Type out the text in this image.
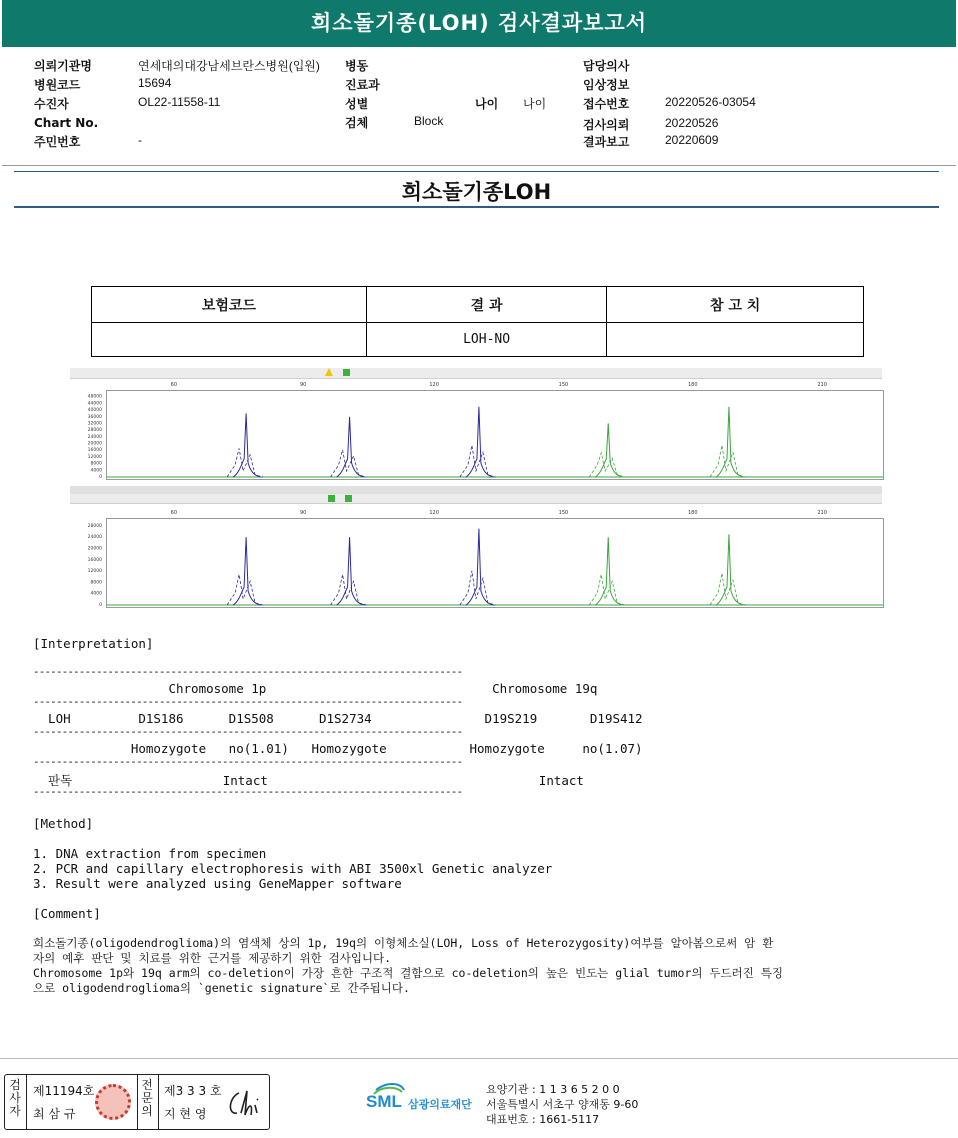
희소돌기종(LOH) 검사결과보고서
의뢰기관명	연세대의대강남세브란스병원(입원)
병원코드	15694
수진자	OL22-11558-11
Chart No.
주민번호	-
병동
진료과
성별	나이 나이
검체	Block
담당의사
임상정보
접수번호	20220526-03054
검사의뢰	20220526
결과보고	20220609
희소돌기종LOH
보험코드	결 과	참 고 치
	LOH-NO	
60	90	120	150	180	210
0
4000
8000
12000
16000
20000
24000
28000
32000
36000
40000
44000
48000
60	90	120	150	180	210
0
4000
8000
12000
16000
20000
24000
28000
[Interpretation]
---------------------------------------------------------------------------
Chromosome 1p                              Chromosome 19q
---------------------------------------------------------------------------
LOH         D1S186      D1S508      D1S2734               D19S219       D19S412
---------------------------------------------------------------------------
Homozygote   no(1.01)   Homozygote           Homozygote     no(1.07)
---------------------------------------------------------------------------
판독                    Intact                                    Intact
---------------------------------------------------------------------------
[Method]
1. DNA extraction from specimen
2. PCR and capillary electrophoresis with ABI 3500xl Genetic analyzer
3. Result were analyzed using GeneMapper software
[Comment]
희소돌기종(oligodendroglioma)의 염색체 상의 1p, 19q의 이형체소실(LOH, Loss of Heterozygosity)여부를 알아봄으로써 암 환
자의 예후 판단 및 치료를 위한 근거를 제공하기 위한 검사입니다.
Chromosome 1p와 19q arm의 co-deletion이 가장 흔한 구조적 결함으로 co-deletion의 높은 빈도는 glial tumor의 두드러진 특징
으로 oligodendroglioma의 `genetic signature`로 간주됩니다.
검사자
제11194호
최 삼 규
전문의
제3 3 3 호
지 현 영
SML 삼광의료재단
요양기관 : 1 1 3 6 5 2 0 0
서울특별시 서초구 양재동 9-60
대표번호 : 1661-5117
